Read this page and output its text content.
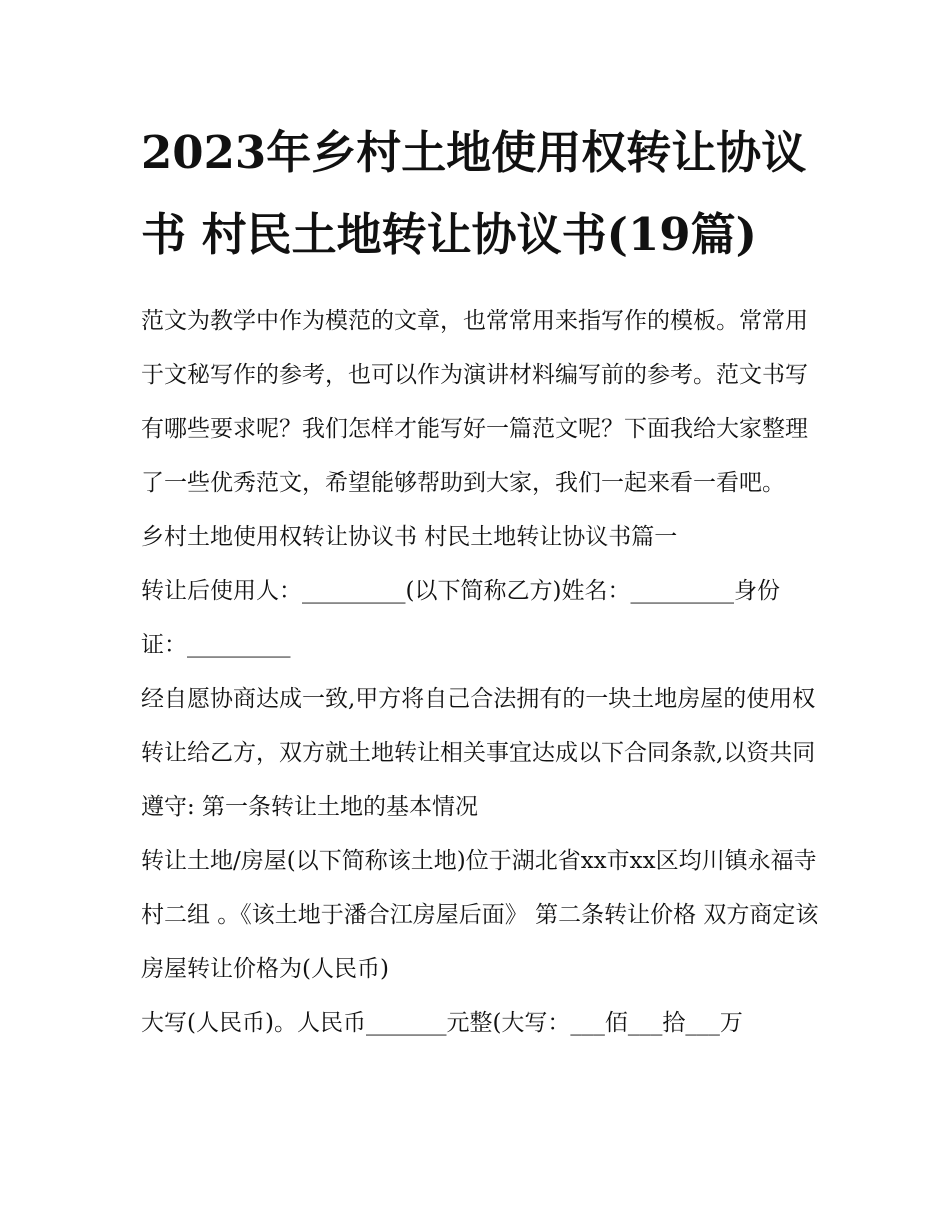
2023年乡村土地使用权转让协议书 村民土地转让协议书(19篇)

范文为教学中作为模范的文章，也常常用来指写作的模板。常常用于文秘写作的参考，也可以作为演讲材料编写前的参考。范文书写有哪些要求呢？我们怎样才能写好一篇范文呢？下面我给大家整理了一些优秀范文，希望能够帮助到大家，我们一起来看一看吧。

乡村土地使用权转让协议书 村民土地转让协议书篇一

转让后使用人：_________(以下简称乙方)姓名：_________身份证：_________

经自愿协商达成一致,甲方将自己合法拥有的一块土地房屋的使用权转让给乙方，双方就土地转让相关事宜达成以下合同条款,以资共同遵守: 第一条转让土地的基本情况

转让土地/房屋(以下简称该土地)位于湖北省xx市xx区均川镇永福寺村二组 。《该土地于潘合江房屋后面》 第二条转让价格 双方商定该房屋转让价格为(人民币)

大写(人民币)。人民币_______元整(大写：___佰___拾___万
